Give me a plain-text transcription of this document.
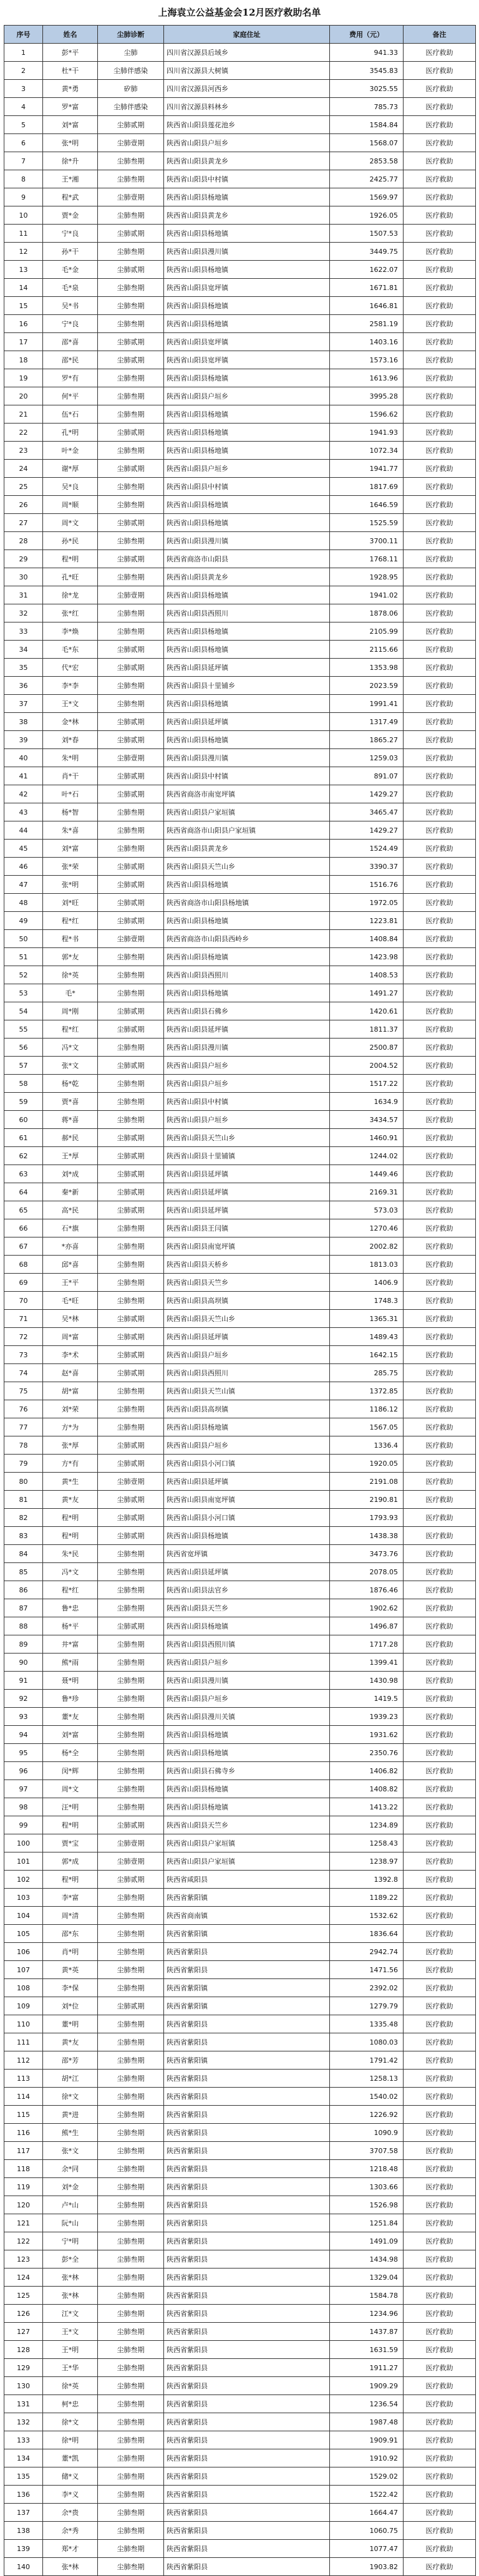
上海袁立公益基金会12月医疗救助名单
序号	姓名	尘肺诊断	家庭住址	费用（元）	备注
1	彭*平	尘肺	四川省汉源县后域乡	941.33	医疗救助
2	杜*干	尘肺伴感染	四川省汉源县大树镇	3545.83	医疗救助
3	黄*勇	矽肺	四川省汉源县河西乡	3025.55	医疗救助
4	罗*富	尘肺伴感染	四川省汉源县料林乡	785.73	医疗救助
5	刘*富	尘肺贰期	陕西省山阳县莲花池乡	1584.84	医疗救助
6	张*明	尘肺壹期	陕西省山阳县户垣乡	1568.07	医疗救助
7	徐*升	尘肺叁期	陕西省山阳县黄龙乡	2853.58	医疗救助
8	王*湘	尘肺叁期	陕西省山阳县中村镇	2425.77	医疗救助
9	程*武	尘肺壹期	陕西省山阳县杨地镇	1569.97	医疗救助
10	贾*金	尘肺叁期	陕西省山阳县黄龙乡	1926.05	医疗救助
11	宁*良	尘肺贰期	陕西省山阳县杨地镇	1507.53	医疗救助
12	孙*干	尘肺叁期	陕西省山阳县漫川镇	3449.75	医疗救助
13	毛*金	尘肺贰期	陕西省山阳县杨地镇	1622.07	医疗救助
14	毛*泉	尘肺叁期	陕西省山阳县宽坪镇	1671.81	医疗救助
15	吴*书	尘肺叁期	陕西省山阳县杨地镇	1646.81	医疗救助
16	宁*良	尘肺叁期	陕西省山阳县杨地镇	2581.19	医疗救助
17	邵*喜	尘肺贰期	陕西省山阳县宽坪镇	1403.16	医疗救助
18	邵*民	尘肺贰期	陕西省山阳县宽坪镇	1573.16	医疗救助
19	罗*有	尘肺叁期	陕西省山阳县杨地镇	1613.96	医疗救助
20	何*平	尘肺叁期	陕西省山阳县户垣乡	3995.28	医疗救助
21	伍*石	尘肺叁期	陕西省山阳县杨地镇	1596.62	医疗救助
22	孔*明	尘肺贰期	陕西省山阳县杨地镇	1941.93	医疗救助
23	叶*金	尘肺叁期	陕西省山阳县杨地镇	1072.34	医疗救助
24	谢*厚	尘肺贰期	陕西省山阳县户垣乡	1941.77	医疗救助
25	吴*良	尘肺叁期	陕西省山阳县中村镇	1817.69	医疗救助
26	周*顺	尘肺叁期	陕西省山阳县杨地镇	1646.59	医疗救助
27	周*文	尘肺贰期	陕西省山阳县杨地镇	1525.59	医疗救助
28	孙*民	尘肺叁期	陕西省山阳县漫川镇	3700.11	医疗救助
29	程*明	尘肺贰期	陕西省商洛市山阳县	1768.11	医疗救助
30	孔*旺	尘肺叁期	陕西省山阳县黄龙乡	1928.95	医疗救助
31	徐*龙	尘肺壹期	陕西省山阳县杨地镇	1941.02	医疗救助
32	张*红	尘肺叁期	陕西省山阳县西照川	1878.06	医疗救助
33	李*焕	尘肺叁期	陕西省山阳县杨地镇	2105.99	医疗救助
34	毛*东	尘肺贰期	陕西省山阳县杨地镇	2115.66	医疗救助
35	代*宏	尘肺贰期	陕西省山阳县延坪镇	1353.98	医疗救助
36	李*李	尘肺叁期	陕西省山阳县十里铺乡	2023.59	医疗救助
37	王*文	尘肺叁期	陕西省山阳县杨地镇	1991.41	医疗救助
38	金*林	尘肺贰期	陕西省山阳县延坪镇	1317.49	医疗救助
39	刘*春	尘肺贰期	陕西省山阳县杨地镇	1865.27	医疗救助
40	朱*明	尘肺壹期	陕西省山阳县漫川镇	1259.03	医疗救助
41	肖*干	尘肺贰期	陕西省山阳县中村镇	891.07	医疗救助
42	叶*石	尘肺贰期	陕西省商洛市南宽坪镇	1429.27	医疗救助
43	杨*智	尘肺叁期	陕西省山阳县户家垣镇	3465.47	医疗救助
44	朱*喜	尘肺叁期	陕西省商洛市山阳县户家垣镇	1429.27	医疗救助
45	刘*富	尘肺叁期	陕西省山阳县黄龙乡	1524.49	医疗救助
46	张*荣	尘肺贰期	陕西省山阳县天竺山乡	3390.37	医疗救助
47	张*明	尘肺贰期	陕西省山阳县杨地镇	1516.76	医疗救助
48	刘*旺	尘肺贰期	陕西省商洛市山阳县杨地镇	1972.05	医疗救助
49	程*红	尘肺贰期	陕西省山阳县杨地镇	1223.81	医疗救助
50	程*书	尘肺壹期	陕西省商洛市山阳县西岭乡	1408.84	医疗救助
51	郭*友	尘肺叁期	陕西省山阳县杨地镇	1423.98	医疗救助
52	徐*英	尘肺叁期	陕西省山阳县西照川	1408.53	医疗救助
53	毛*	尘肺叁期	陕西省山阳县杨地镇	1491.27	医疗救助
54	周*刚	尘肺贰期	陕西省山阳县石佛乡	1420.61	医疗救助
55	程*红	尘肺贰期	陕西省山阳县延坪镇	1811.37	医疗救助
56	冯*文	尘肺叁期	陕西省山阳县漫川镇	2500.87	医疗救助
57	张*文	尘肺贰期	陕西省山阳县户垣乡	2004.52	医疗救助
58	杨*乾	尘肺叁期	陕西省山阳县户垣乡	1517.22	医疗救助
59	贾*喜	尘肺叁期	陕西省山阳县中村镇	1634.9	医疗救助
60	蒋*喜	尘肺叁期	陕西省山阳县户垣乡	3434.57	医疗救助
61	郝*民	尘肺贰期	陕西省山阳县天竺山乡	1460.91	医疗救助
62	王*厚	尘肺贰期	陕西省山阳县十里铺镇	1244.02	医疗救助
63	刘*成	尘肺贰期	陕西省山阳县延坪镇	1449.46	医疗救助
64	秦*新	尘肺贰期	陕西省山阳县延坪镇	2169.31	医疗救助
65	高*民	尘肺贰期	陕西省山阳县延坪镇	573.03	医疗救助
66	石*旗	尘肺叁期	陕西省山阳县王闫镇	1270.46	医疗救助
67	*亦喜	尘肺叁期	陕西省山阳县南宽坪镇	2002.82	医疗救助
68	邱*喜	尘肺叁期	陕西省山阳县天桥乡	1813.03	医疗救助
69	王*平	尘肺叁期	陕西省山阳县天竺乡	1406.9	医疗救助
70	毛*旺	尘肺叁期	陕西省山阳县高坝镇	1748.3	医疗救助
71	吴*林	尘肺贰期	陕西省山阳县天竺山乡	1365.31	医疗救助
72	周*富	尘肺贰期	陕西省山阳县延坪镇	1489.43	医疗救助
73	李*术	尘肺贰期	陕西省山阳县户垣乡	1642.15	医疗救助
74	赵*喜	尘肺贰期	陕西省山阳县西照川	285.75	医疗救助
75	胡*富	尘肺叁期	陕西省山阳县天竺山镇	1372.85	医疗救助
76	刘*荣	尘肺叁期	陕西省山阳县高坝镇	1186.12	医疗救助
77	方*为	尘肺叁期	陕西省山阳县杨地镇	1567.05	医疗救助
78	张*厚	尘肺贰期	陕西省山阳县户垣乡	1336.4	医疗救助
79	方*有	尘肺贰期	陕西省山阳县小河口镇	1920.05	医疗救助
80	黄*生	尘肺壹期	陕西省山阳县延坪镇	2191.08	医疗救助
81	黄*友	尘肺贰期	陕西省山阳县南宽坪镇	2190.81	医疗救助
82	程*明	尘肺贰期	陕西省山阳县小河口镇	1793.93	医疗救助
83	程*明	尘肺贰期	陕西省山阳县杨地镇	1438.38	医疗救助
84	朱*民	尘肺叁期	陕西省宽坪镇	3473.76	医疗救助
85	冯*文	尘肺叁期	陕西省山阳县延坪镇	2078.05	医疗救助
86	程*红	尘肺叁期	陕西省山阳县法官乡	1876.46	医疗救助
87	鲁*忠	尘肺叁期	陕西省山阳县天竺乡	1902.62	医疗救助
88	杨*平	尘肺贰期	陕西省山阳县杨地镇	1496.87	医疗救助
89	井*富	尘肺叁期	陕西省山阳县西照川镇	1717.28	医疗救助
90	熊*雨	尘肺叁期	陕西省山阳县户垣乡	1399.41	医疗救助
91	聂*明	尘肺叁期	陕西省山阳县漫川镇	1430.98	医疗救助
92	鲁*珍	尘肺叁期	陕西省山阳县户垣乡	1419.5	医疗救助
93	董*友	尘肺叁期	陕西省山阳县漫川关镇	1939.23	医疗救助
94	刘*富	尘肺叁期	陕西省山阳县杨地镇	1931.62	医疗救助
95	杨*全	尘肺叁期	陕西省山阳县杨地镇	2350.76	医疗救助
96	闵*辉	尘肺叁期	陕西省山阳县石佛寺乡	1406.82	医疗救助
97	周*文	尘肺叁期	陕西省山阳县杨地镇	1408.82	医疗救助
98	汪*明	尘肺叁期	陕西省山阳县杨地镇	1413.22	医疗救助
99	程*明	尘肺贰期	陕西省山阳县天竺乡	1234.89	医疗救助
100	贾*宝	尘肺壹期	陕西省山阳县户家垣镇	1258.43	医疗救助
101	郭*成	尘肺壹期	陕西省山阳县户家垣镇	1238.97	医疗救助
102	程*明	尘肺贰期	陕西省咸阳县	1392.8	医疗救助
103	李*富	尘肺叁期	陕西省紫阳镇	1189.22	医疗救助
104	周*清	尘肺叁期	陕西省商南镇	1532.62	医疗救助
105	邵*东	尘肺叁期	陕西省紫阳镇	1836.64	医疗救助
106	肖*明	尘肺叁期	陕西省紫阳县	2942.74	医疗救助
107	黄*英	尘肺叁期	陕西省紫阳县	1471.56	医疗救助
108	李*保	尘肺叁期	陕西省紫阳镇	2392.02	医疗救助
109	刘*位	尘肺贰期	陕西省紫阳镇	1279.79	医疗救助
110	董*明	尘肺叁期	陕西省紫阳县	1335.48	医疗救助
111	黄*友	尘肺叁期	陕西省紫阳县	1080.03	医疗救助
112	邵*芳	尘肺叁期	陕西省紫阳镇	1791.42	医疗救助
113	胡*江	尘肺叁期	陕西省紫阳县	1258.13	医疗救助
114	徐*文	尘肺叁期	陕西省紫阳县	1540.02	医疗救助
115	黄*进	尘肺叁期	陕西省紫阳县	1226.92	医疗救助
116	熊*生	尘肺叁期	陕西省紫阳县	1090.9	医疗救助
117	张*文	尘肺叁期	陕西省紫阳县	3707.58	医疗救助
118	余*同	尘肺叁期	陕西省紫阳县	1218.48	医疗救助
119	刘*金	尘肺叁期	陕西省紫阳县	1303.66	医疗救助
120	卢*山	尘肺叁期	陕西省紫阳县	1526.98	医疗救助
121	阮*山	尘肺叁期	陕西省紫阳县	1251.84	医疗救助
122	宁*明	尘肺叁期	陕西省紫阳县	1491.09	医疗救助
123	彭*全	尘肺叁期	陕西省紫阳县	1434.98	医疗救助
124	张*林	尘肺叁期	陕西省紫阳县	1329.04	医疗救助
125	张*林	尘肺叁期	陕西省紫阳县	1584.78	医疗救助
126	江*文	尘肺叁期	陕西省紫阳县	1234.96	医疗救助
127	王*文	尘肺叁期	陕西省紫阳县	1437.87	医疗救助
128	王*明	尘肺叁期	陕西省紫阳县	1631.59	医疗救助
129	王*华	尘肺叁期	陕西省紫阳县	1911.27	医疗救助
130	徐*英	尘肺叁期	陕西省紫阳县	1909.29	医疗救助
131	柯*忠	尘肺叁期	陕西省紫阳县	1236.54	医疗救助
132	徐*文	尘肺叁期	陕西省紫阳县	1987.48	医疗救助
133	徐*明	尘肺叁期	陕西省紫阳县	1909.91	医疗救助
134	董*凯	尘肺叁期	陕西省紫阳县	1910.92	医疗救助
135	储*义	尘肺叁期	陕西省紫阳县	1529.02	医疗救助
136	李*义	尘肺叁期	陕西省紫阳县	1522.42	医疗救助
137	余*贵	尘肺叁期	陕西省紫阳县	1664.47	医疗救助
138	余*秀	尘肺叁期	陕西省紫阳县	1060.75	医疗救助
139	郑*才	尘肺叁期	陕西省紫阳县	1077.47	医疗救助
140	张*林	尘肺叁期	陕西省紫阳县	1903.82	医疗救助
